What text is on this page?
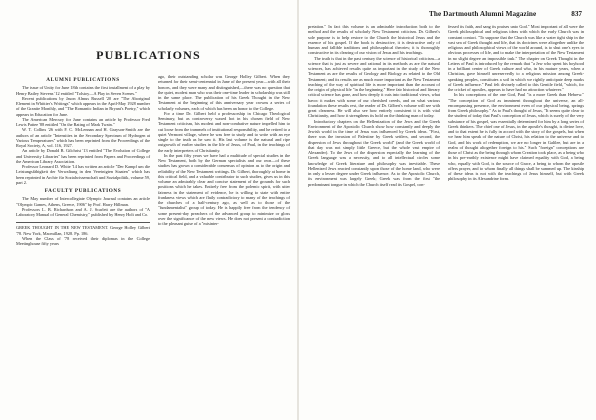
PUBLICATIONS
ALUMNI PUBLICATIONS

The issue of Unity for June 18th contains the first installment of a play by Henry Bailey Stevens '12 entitled "Tolstoy—A Play in Seven Scenes."

Recent publications by Jason Almus Russell '20 are "The Aboriginal Element in Whittier's Writings" which appears in the April-May 1928 number of the Granite Monthly, and "The Romantic Indian in Bryant's Poetry," which appears in Education for June.

The American Mercury for June contains an article by Professor Fred Lewis Pattee '88 entitled "On the Rating of Mark Twain."

W. T. Collins '26 with F. C. McLennan and H. Grayson-Smith are the authors of an article "Intensities in the Secondary Spectrum of Hydrogen at Various Temperatures" which has been reprinted from the Proceedings of the Royal Society, A, vol. 116, 1927.

An article by Donald B. Gilchrist '13 entitled "The Evolution of College and University Libraries" has been reprinted from Papers and Proceedings of the American Library Association.

Professor Leonard D. White '14 has written an article "Der Kampf um die Leistungsfähigkeit der Verwaltung in den Vereinigten Staaten" which has been reprinted in Archiv für Sozialwissenschaft und Sozialpolitik, volume 59, part 2.

FACULTY PUBLICATIONS

The May number of Intercollegiate Olympic Journal contains an article "Olympic Games, Athens, Greece, 1906" by Prof. Harry Hillman.

Professors L. B. Richardson and A. J. Scarlett are the authors of "A Laboratory Manual of General Chemistry," published by Henry Holt and Co.

GREEK THOUGHT IN THE NEW TESTAMENT. George Holley Gilbert '78. New York, Macmillan, 1928. Pp. 186.

When the Class of '78 received their diplomas in the College Meetinghouse fifty years

ago, their outstanding scholar was George Holley Gilbert. When they returned for their semi-centennial in June of the present year—with all their honors, and they were many and distinguished,—there was no question that the quiet, modest man who was their one-time leader in scholarship was still in the same place. The publication of his Greek Thought in the New Testament at the beginning of this anniversary year crowns a series of scholarly volumes, each of which has been an honor to the College.

For a time Dr. Gilbert held a professorship in Chicago Theological Seminary, but as controversy waxed hot in his chosen field of New Testament criticism, his modest and non-combative nature impelled him to cut loose from the trammels of institutional responsibility, and he retired to a quiet Vermont village, where he was free to study and to write with an eye single to the truth as he saw it. His last volume is the natural and ripe outgrowth of earlier studies in the life of Jesus, of Paul, in the teachings of the early interpreters of Christianity.

In the past fifty years we have had a multitude of special studies in the New Testament, both by the German specialists and our own—of these studies has grown a considerable consensus of opinion as to the origin and reliability of the New Testament writings. Dr. Gilbert, thoroughly at home in this critical field, and a valuable contributor to such studies, gives us in this volume an admirably clear and concise statement of the grounds for such positions which he takes. Entirely free from the polemic spirit, with utter fairness in the statement of evidence, he is willing to state with entire frankness views which are flatly contradictory to many of the teachings of the churches of a half-century ago, as well as to those of the "fundamentalist" group of today. He is happily free from the tendency of some present-day preachers of the advanced group to minimize or gloss over the significance of the new views. He does not present a contradiction to the pleasant guise of a "misinter-

The Dartmouth Alumni Magazine	837

pretation." In fact this volume is an admirable introduction both to the method and the results of scholarly New Testament criticism. Dr. Gilbert's sole purpose is to help restore to the Church the historical Jesus and the essence of his gospel. If the book is destructive, it is destructive only of human and fallible traditions and philosophical theories; it is thoroughly constructive in its clearing of our vision of Jesus and his teachings.

The truth is that in the past century the science of historical criticism—a science that is just as severe and rational in its methods as are the natural sciences, has achieved results quite as important in the study of the New Testament as are the results of Geology and Biology as related to the Old Testament; and its results are as much more important as the New Testament teaching of the way of spiritual life is more important than the account of the origin of physical life "in the beginning." Here fair historical and literary critical science has gone, and how deeply it cuts into traditional views, what havoc it makes with some of our cherished creeds, and on what various foundation these results rest, the reader of Dr. Gilbert's volume will see with great clearness. He will also see how entirely consistent it is with vital Christianity, and how it strengthens its hold on the thinking man of today.

Introductory chapters on the Hellenization of the Jews and the Greek Environment of the Apostolic Church show how constantly and deeply the Jewish world in the time of Jesus was influenced by Greek ideas. "First, there was the invasion of Palestine by Greek settlers, and second, the dispersion of Jews throughout the Greek world" (and the Greek world of that day was not simply little Greece, but the whole vast empire of Alexander). To the Jews of the dispersion especially the learning of the Greek language was a necessity, and to all intellectual circles some knowledge of Greek literature and philosophy was inevitable. These Hellenized Jews reacted constantly upon those of the home land, who were in only a lesser degree under Greek influence. As to the Apostolic Church, its environment was largely Greek; Greek was from the first "the predominant tongue in which the Church itself read its Gospel, con-

fessed its faith, and sang its praises unto God." Most important of all were the Greek philosophical and religious ideas with which the early Church was in constant contact. "To suppose that the Church was like a water tight ship in the vast sea of Greek thought and life, that its doctrines were altogether unlike the religious and philosophical views of the world around, is to shut one's eyes to obvious processes of life, and to make the interpretation of the New Testament in no slight degree an impossible task." The chapter on Greek Thought in the Letters of Paul is introduced by the remark that "a Jew who spent his boyhood in a brilliant center of Greek culture and who, in his mature years, when a Christian, gave himself unreservedly to a religious mission among Greek-speaking peoples, constitutes a soil in which we rightly anticipate deep marks of Greek influence." Paul felt divinely called to this Gentile field, "which, for the cricket of apostles, appears to have had no attraction whatever."

In his conceptions of the one God, Paul "is a more Greek than Hebrew." "The conception of God as imminent throughout the universe, an all-encompassing presence, the environment even of our physical being, springs from Greek philosophy." As to Paul's thought of Jesus, "It seems quite clear to the student of today that Paul's conception of Jesus, which is surely of the very substance of his gospel, was essentially determined for him by a long series of Greek thinkers. The chief one of Jesus, in the apostle's thought, is divine love, and to that extent he is fully in accord with the story of the gospels, but when we hear him speak of the nature of Christ, his relation to the universe and to God, and his work of redemption, we are no longer in Galilee, but are in a realm of thought altogether foreign to his." Such "foreign" conceptions are those of Christ as the being through whom Creation took place, as a being who in his pre-earthly existence might have claimed equality with God, a being who, equally with God, is the source of Grace, a being to whom the apostle offers prayer, and to whom finally all things shall be summed up. The kinship of these ideas is not with the teachings of Jesus himself, but with Greek philosophy in its Alexandrine form.
